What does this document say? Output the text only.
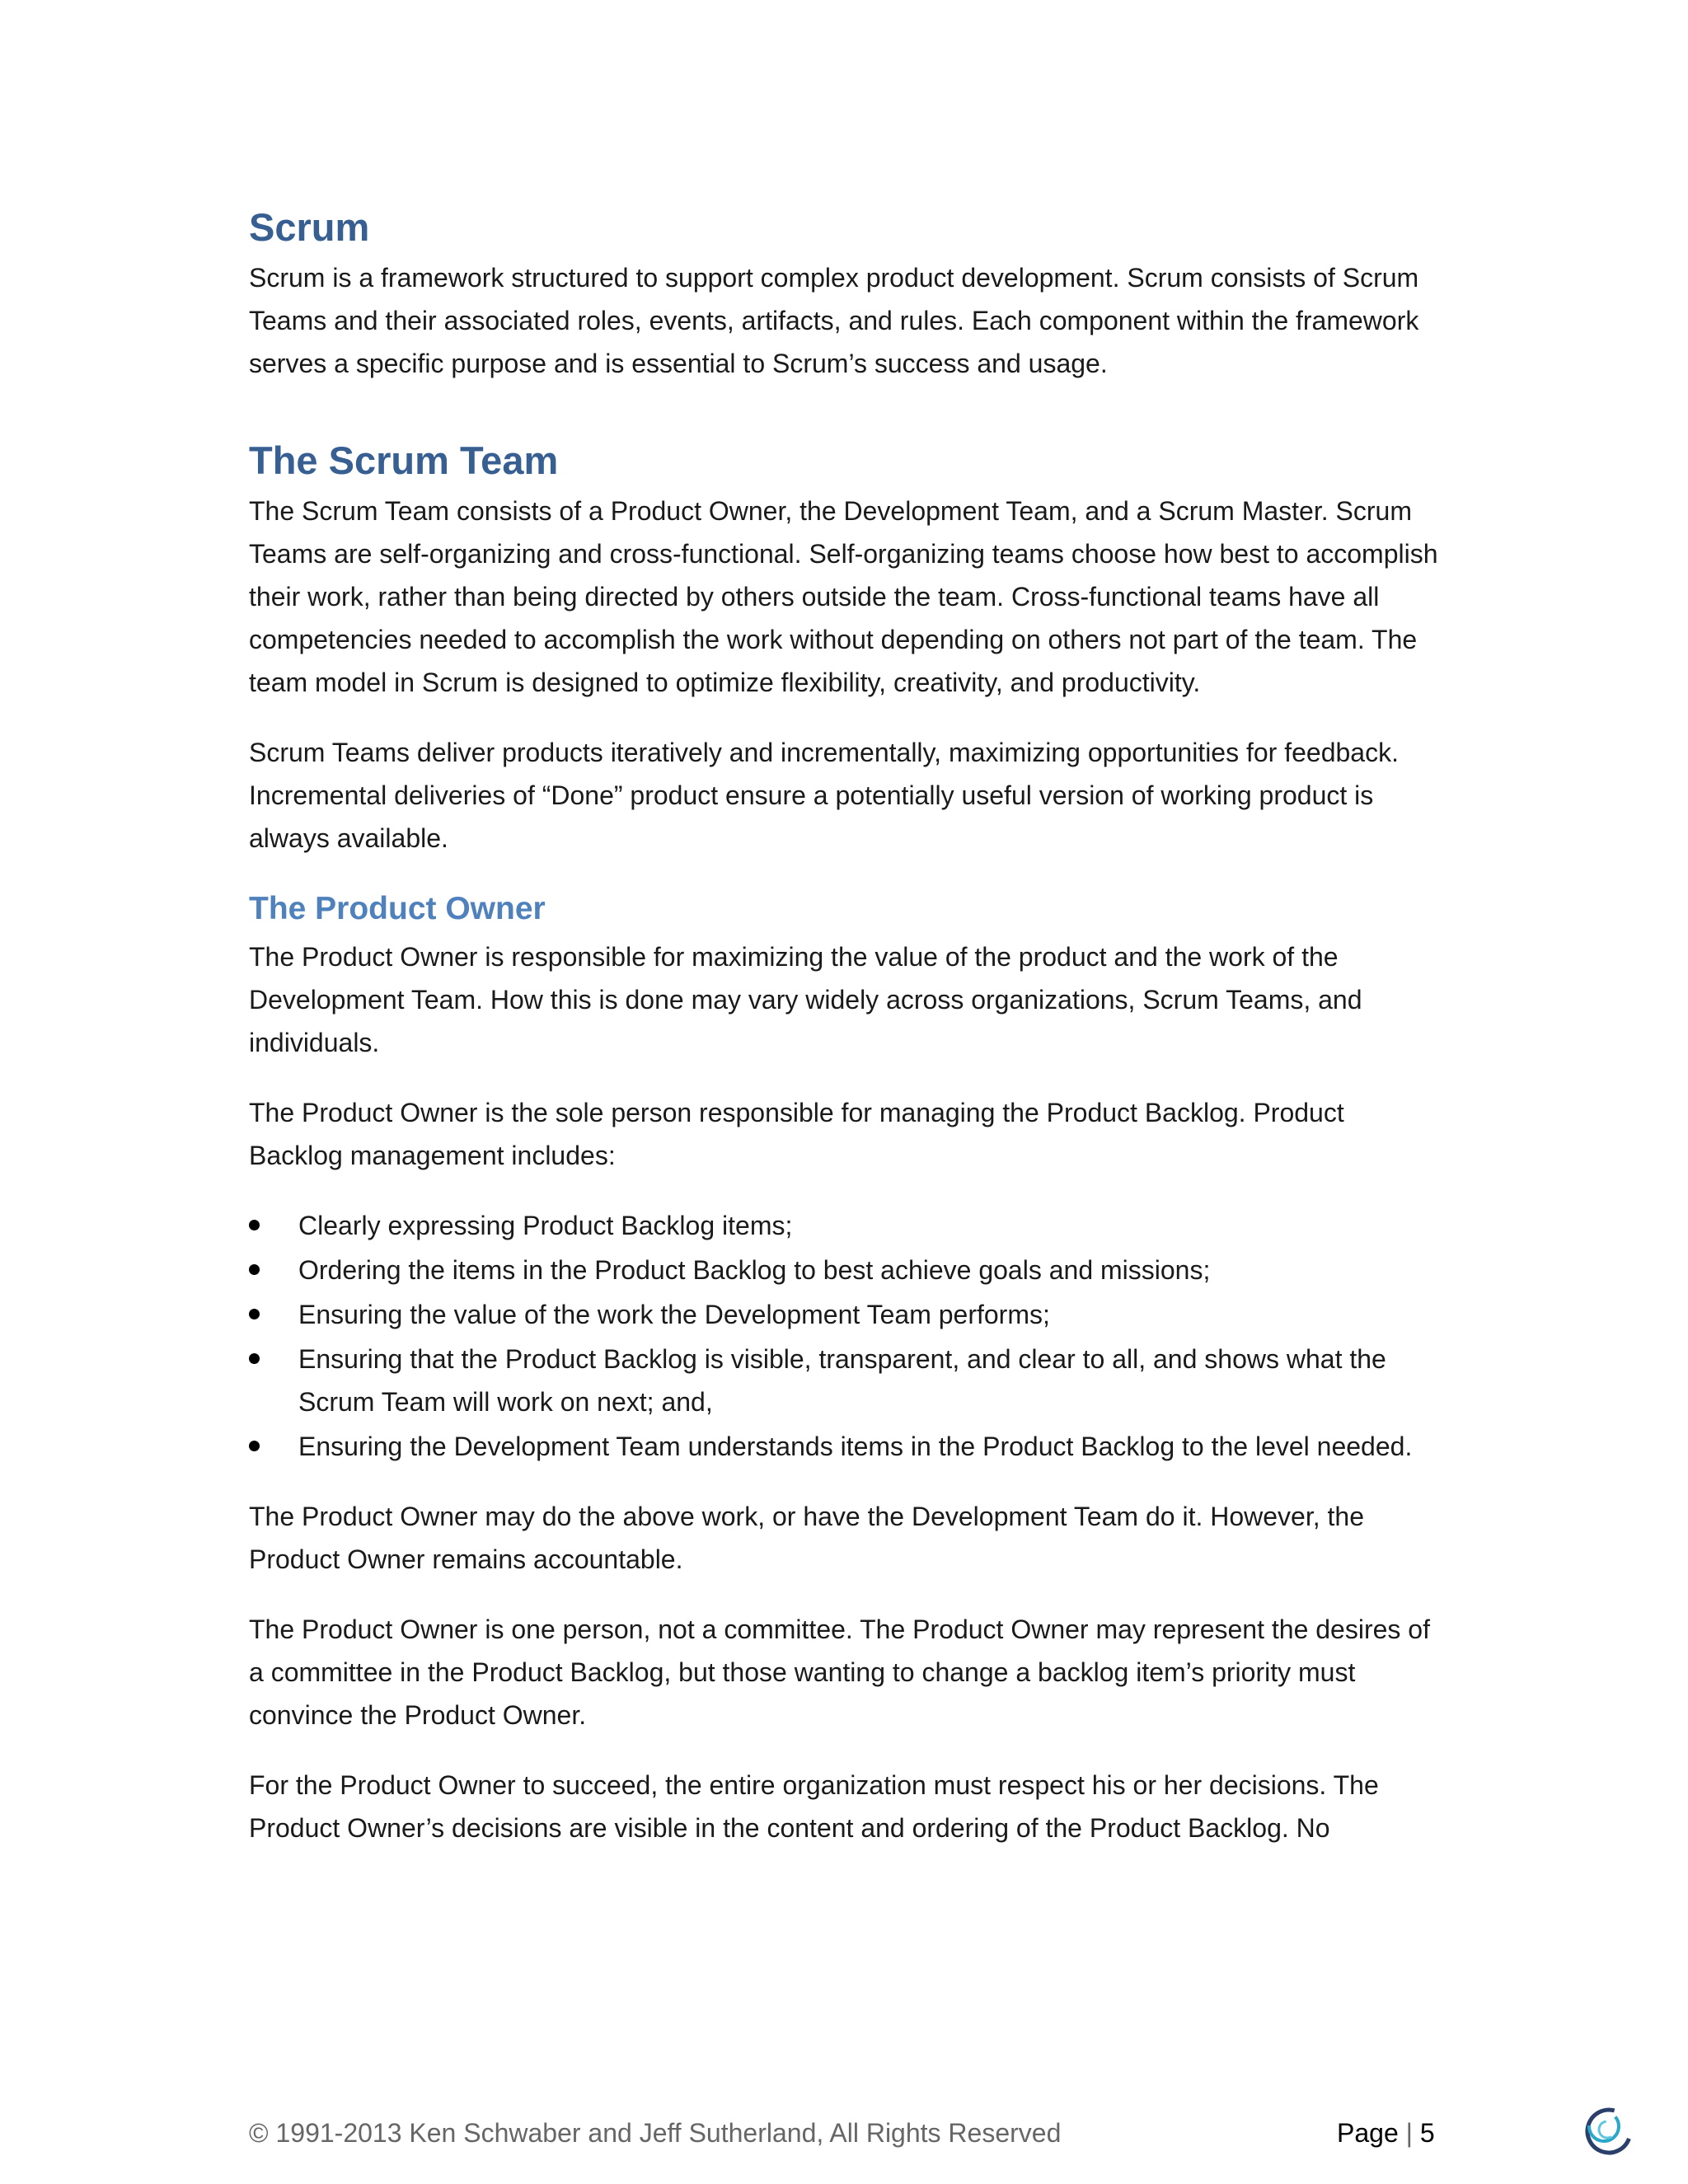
Scrum

Scrum is a framework structured to support complex product development. Scrum consists of Scrum Teams and their associated roles, events, artifacts, and rules. Each component within the framework serves a specific purpose and is essential to Scrum’s success and usage.

The Scrum Team

The Scrum Team consists of a Product Owner, the Development Team, and a Scrum Master. Scrum Teams are self-organizing and cross-functional. Self-organizing teams choose how best to accomplish their work, rather than being directed by others outside the team. Cross-functional teams have all competencies needed to accomplish the work without depending on others not part of the team. The team model in Scrum is designed to optimize flexibility, creativity, and productivity.

Scrum Teams deliver products iteratively and incrementally, maximizing opportunities for feedback. Incremental deliveries of “Done” product ensure a potentially useful version of working product is always available.

The Product Owner

The Product Owner is responsible for maximizing the value of the product and the work of the Development Team. How this is done may vary widely across organizations, Scrum Teams, and individuals.

The Product Owner is the sole person responsible for managing the Product Backlog. Product Backlog management includes:

Clearly expressing Product Backlog items;
Ordering the items in the Product Backlog to best achieve goals and missions;
Ensuring the value of the work the Development Team performs;
Ensuring that the Product Backlog is visible, transparent, and clear to all, and shows what the Scrum Team will work on next; and,
Ensuring the Development Team understands items in the Product Backlog to the level needed.

The Product Owner may do the above work, or have the Development Team do it. However, the Product Owner remains accountable.

The Product Owner is one person, not a committee. The Product Owner may represent the desires of a committee in the Product Backlog, but those wanting to change a backlog item’s priority must convince the Product Owner.

For the Product Owner to succeed, the entire organization must respect his or her decisions. The Product Owner’s decisions are visible in the content and ordering of the Product Backlog. No

© 1991-2013 Ken Schwaber and Jeff Sutherland, All Rights Reserved	Page | 5
